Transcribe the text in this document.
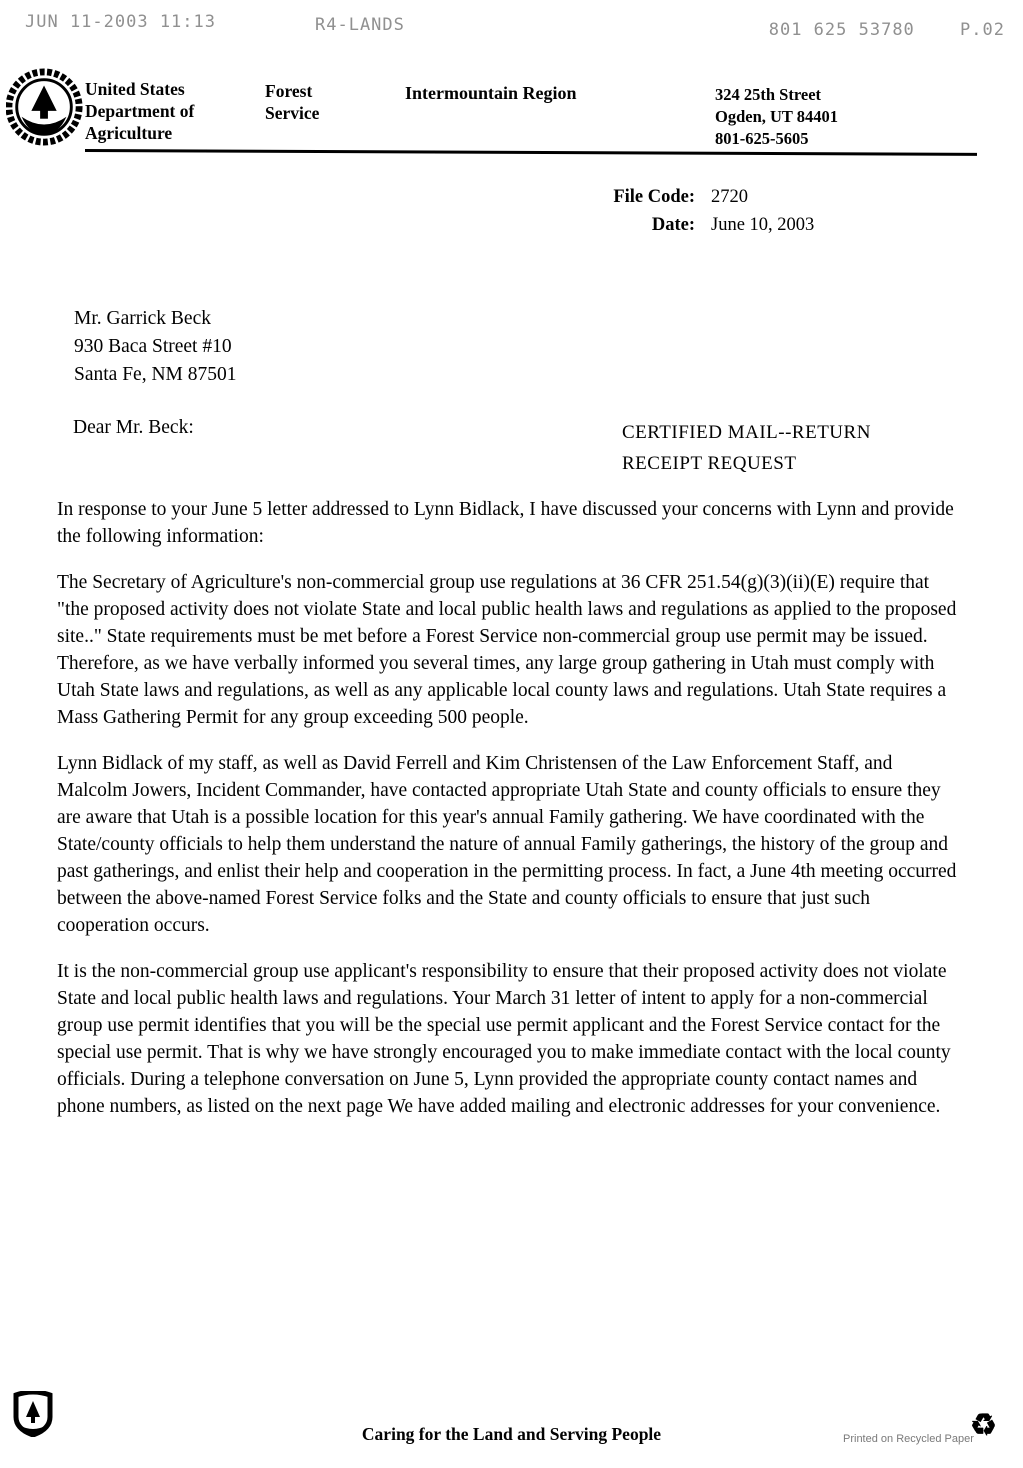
JUN 11-2003 11:13	R4-LANDS	801 625 53780	P.02
United States
Department of
Agriculture
Forest
Service
Intermountain Region	324 25th Street
Ogden, UT 84401
801-625-5605
File Code: 2720
Date: June 10, 2003
Mr. Garrick Beck
930 Baca Street #10
Santa Fe, NM 87501
Dear Mr. Beck:	CERTIFIED MAIL--RETURN
RECEIPT REQUEST

In response to your June 5 letter addressed to Lynn Bidlack, I have discussed your concerns with Lynn and provide the following information:

The Secretary of Agriculture's non-commercial group use regulations at 36 CFR 251.54(g)(3)(ii)(E) require that "the proposed activity does not violate State and local public health laws and regulations as applied to the proposed site.." State requirements must be met before a Forest Service non-commercial group use permit may be issued. Therefore, as we have verbally informed you several times, any large group gathering in Utah must comply with Utah State laws and regulations, as well as any applicable local county laws and regulations. Utah State requires a Mass Gathering Permit for any group exceeding 500 people.

Lynn Bidlack of my staff, as well as David Ferrell and Kim Christensen of the Law Enforcement Staff, and Malcolm Jowers, Incident Commander, have contacted appropriate Utah State and county officials to ensure they are aware that Utah is a possible location for this year's annual Family gathering. We have coordinated with the State/county officials to help them understand the nature of annual Family gatherings, the history of the group and past gatherings, and enlist their help and cooperation in the permitting process. In fact, a June 4th meeting occurred between the above-named Forest Service folks and the State and county officials to ensure that just such cooperation occurs.

It is the non-commercial group use applicant's responsibility to ensure that their proposed activity does not violate State and local public health laws and regulations. Your March 31 letter of intent to apply for a non-commercial group use permit identifies that you will be the special use permit applicant and the Forest Service contact for the special use permit. That is why we have strongly encouraged you to make immediate contact with the local county officials. During a telephone conversation on June 5, Lynn provided the appropriate county contact names and phone numbers, as listed on the next page We have added mailing and electronic addresses for your convenience.

Caring for the Land and Serving People	Printed on Recycled Paper
♻
